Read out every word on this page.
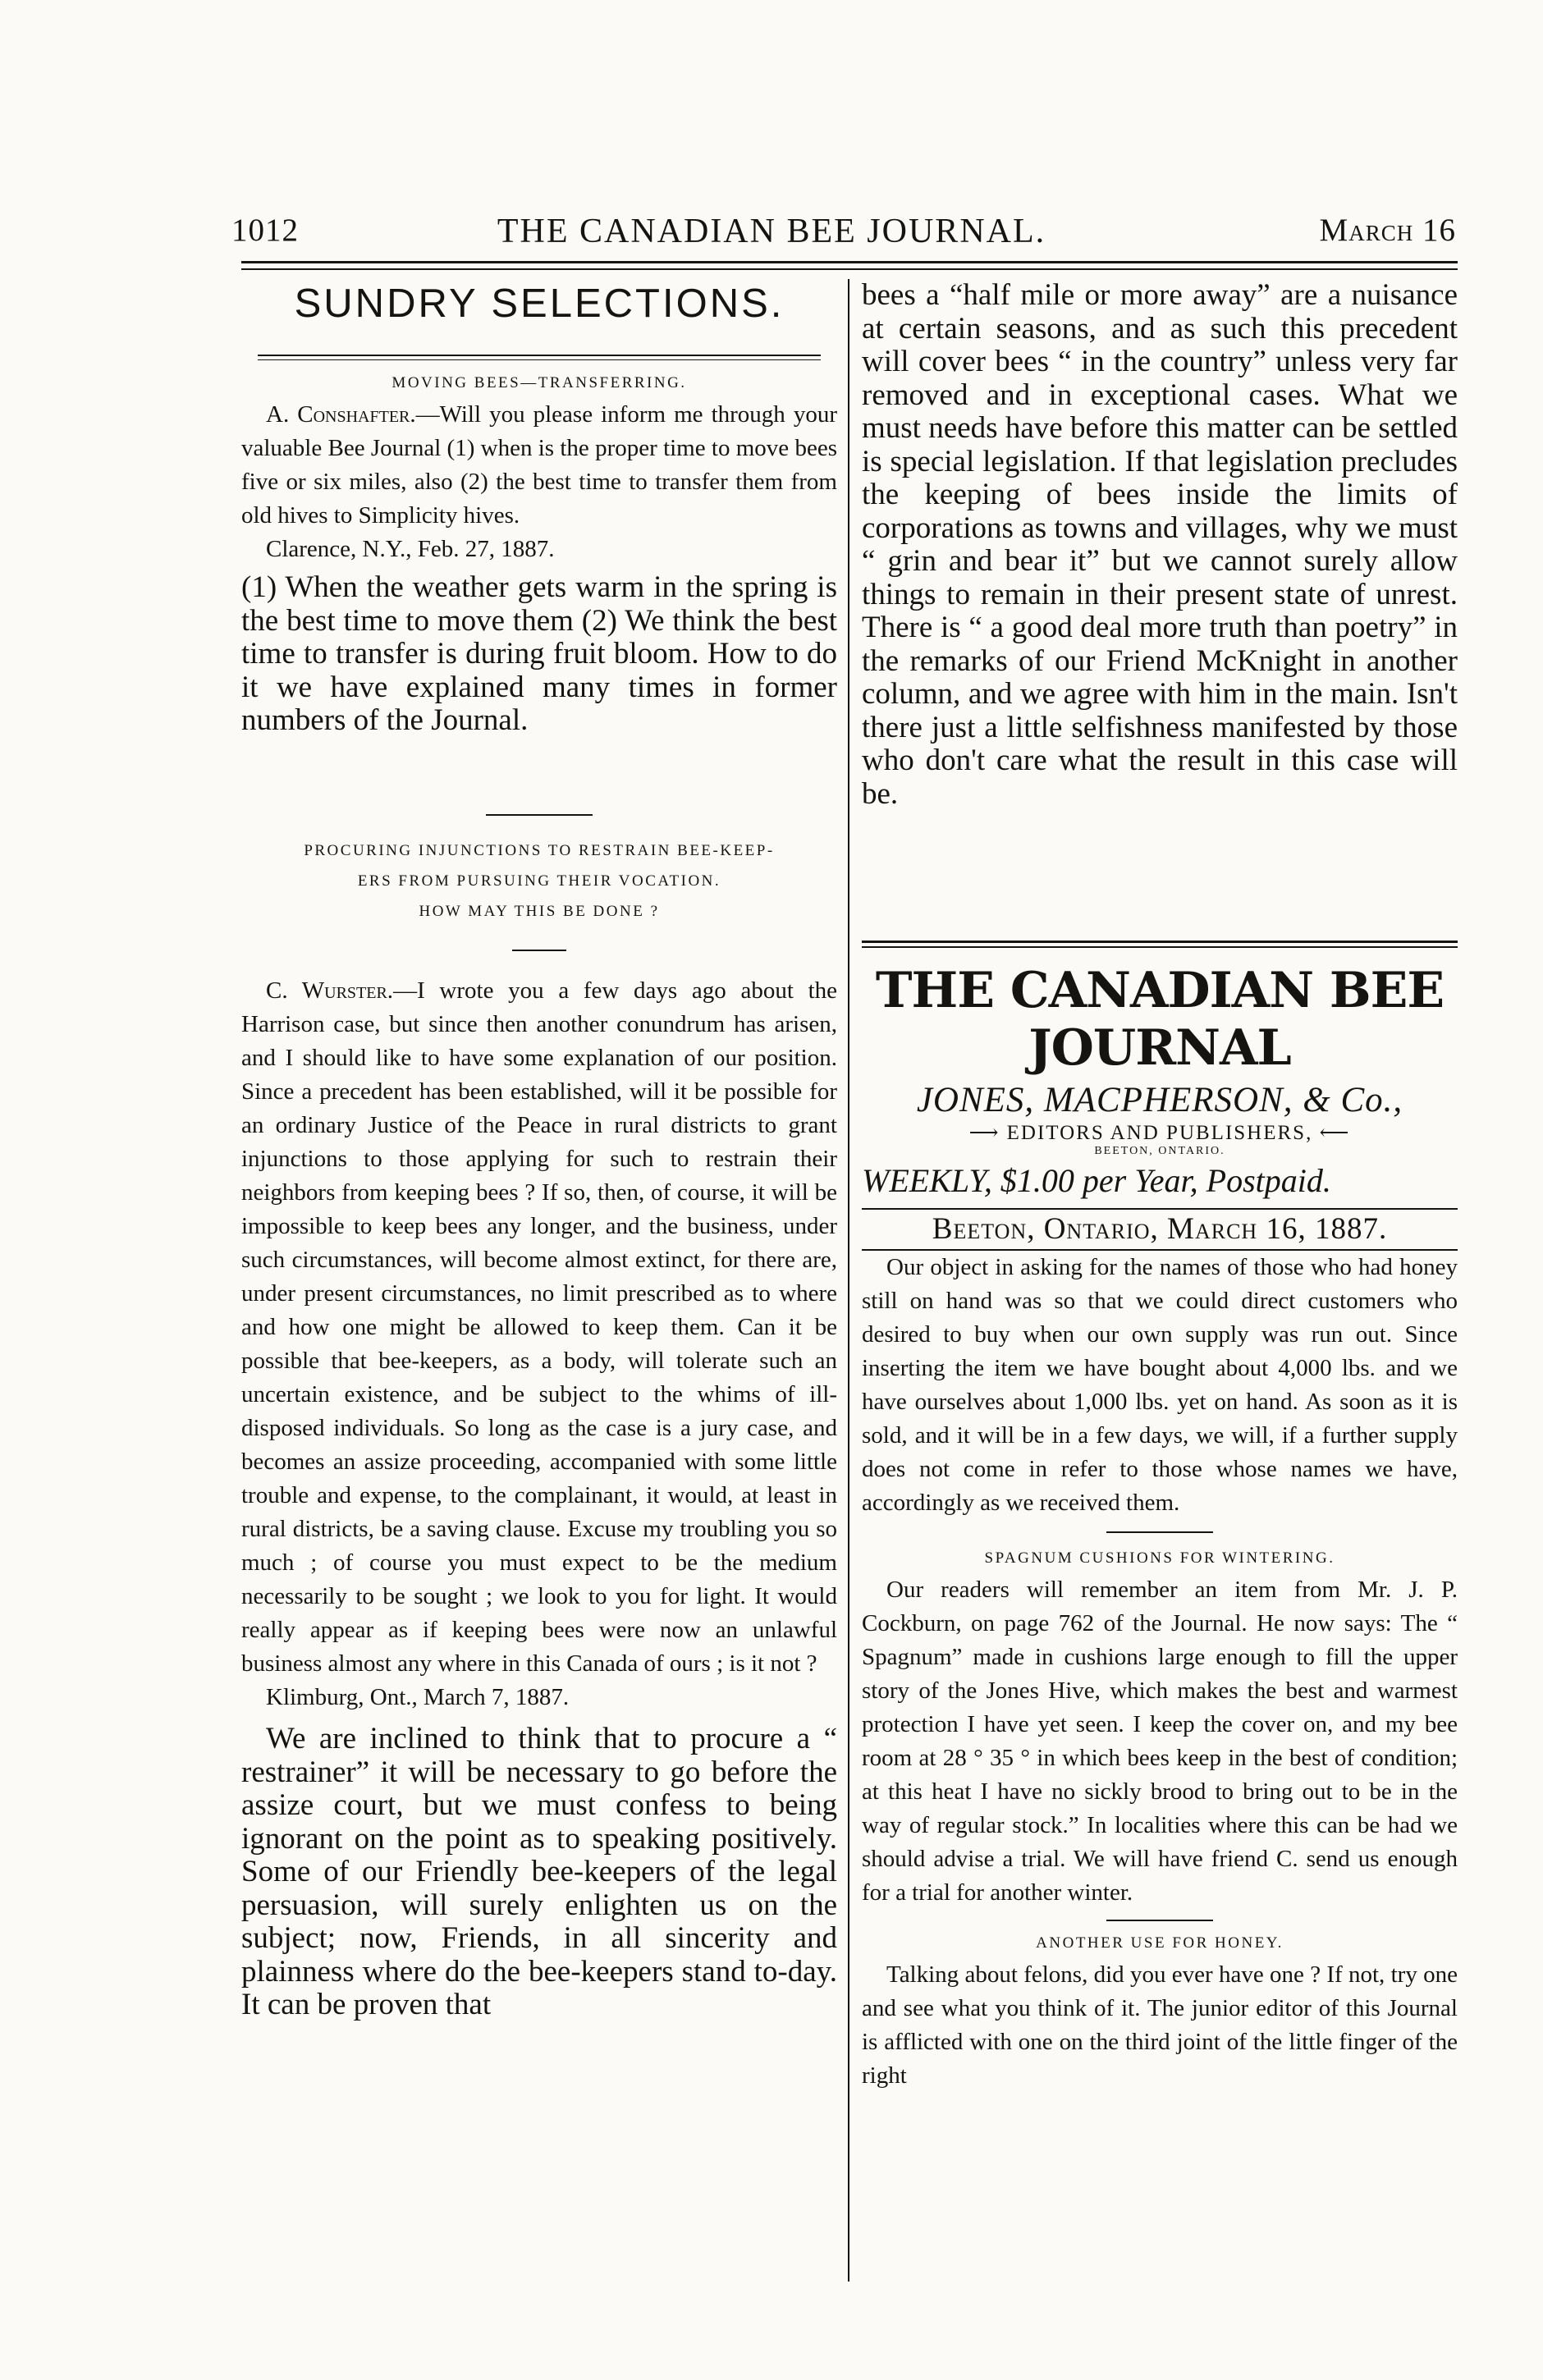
1012	THE CANADIAN BEE JOURNAL.	March 16
SUNDRY SELECTIONS.
MOVING BEES—TRANSFERRING.

A. Conshafter.—Will you please inform me through your valuable Bee Journal (1) when is the proper time to move bees five or six miles, also (2) the best time to transfer them from old hives to Simplicity hives.

Clarence, N.Y., Feb. 27, 1887.

(1) When the weather gets warm in the spring is the best time to move them (2) We think the best time to transfer is during fruit bloom. How to do it we have explained many times in former numbers of the Journal.

PROCURING INJUNCTIONS TO RESTRAIN BEE-KEEP-
ERS FROM PURSUING THEIR VOCATION.
HOW MAY THIS BE DONE ?

C. Wurster.—I wrote you a few days ago about the Harrison case, but since then another conundrum has arisen, and I should like to have some explanation of our position. Since a precedent has been established, will it be possible for an ordinary Justice of the Peace in rural districts to grant injunctions to those applying for such to restrain their neighbors from keeping bees ? If so, then, of course, it will be impossible to keep bees any longer, and the business, under such circumstances, will become almost extinct, for there are, under present circumstances, no limit prescribed as to where and how one might be allowed to keep them. Can it be possible that bee-keepers, as a body, will tolerate such an uncertain existence, and be subject to the whims of ill-disposed individuals. So long as the case is a jury case, and becomes an assize proceeding, accompanied with some little trouble and expense, to the complainant, it would, at least in rural districts, be a saving clause. Excuse my troubling you so much ; of course you must expect to be the medium necessarily to be sought ; we look to you for light. It would really appear as if keeping bees were now an unlawful business almost any where in this Canada of ours ; is it not ?

Klimburg, Ont., March 7, 1887.

We are inclined to think that to procure a “ restrainer” it will be necessary to go before the assize court, but we must confess to being ignorant on the point as to speaking positively. Some of our Friendly bee-keepers of the legal persuasion, will surely enlighten us on the subject; now, Friends, in all sincerity and plainness where do the bee-keepers stand to-day. It can be proven that

bees a “half mile or more away” are a nuisance at certain seasons, and as such this precedent will cover bees “ in the country” unless very far removed and in exceptional cases. What we must needs have before this matter can be settled is special legislation. If that legislation precludes the keeping of bees inside the limits of corporations as towns and villages, why we must “ grin and bear it” but we cannot surely allow things to remain in their present state of unrest. There is “ a good deal more truth than poetry” in the remarks of our Friend McKnight in another column, and we agree with him in the main. Isn't there just a little selfishness manifested by those who don't care what the result in this case will be.

THE CANADIAN BEE JOURNAL
JONES, MACPHERSON, & Co.,
⟶ EDITORS AND PUBLISHERS, ⟵
BEETON, ONTARIO.
WEEKLY, $1.00 per Year, Postpaid.
Beeton, Ontario, March 16, 1887.

Our object in asking for the names of those who had honey still on hand was so that we could direct customers who desired to buy when our own supply was run out. Since inserting the item we have bought about 4,000 lbs. and we have ourselves about 1,000 lbs. yet on hand. As soon as it is sold, and it will be in a few days, we will, if a further supply does not come in refer to those whose names we have, accordingly as we received them.

SPAGNUM CUSHIONS FOR WINTERING.

Our readers will remember an item from Mr. J. P. Cockburn, on page 762 of the Journal. He now says: The “ Spagnum” made in cushions large enough to fill the upper story of the Jones Hive, which makes the best and warmest protection I have yet seen. I keep the cover on, and my bee room at 28 ° 35 ° in which bees keep in the best of condition; at this heat I have no sickly brood to bring out to be in the way of regular stock.” In localities where this can be had we should advise a trial. We will have friend C. send us enough for a trial for another winter.

ANOTHER USE FOR HONEY.

Talking about felons, did you ever have one ? If not, try one and see what you think of it. The junior editor of this Journal is afflicted with one on the third joint of the little finger of the right
